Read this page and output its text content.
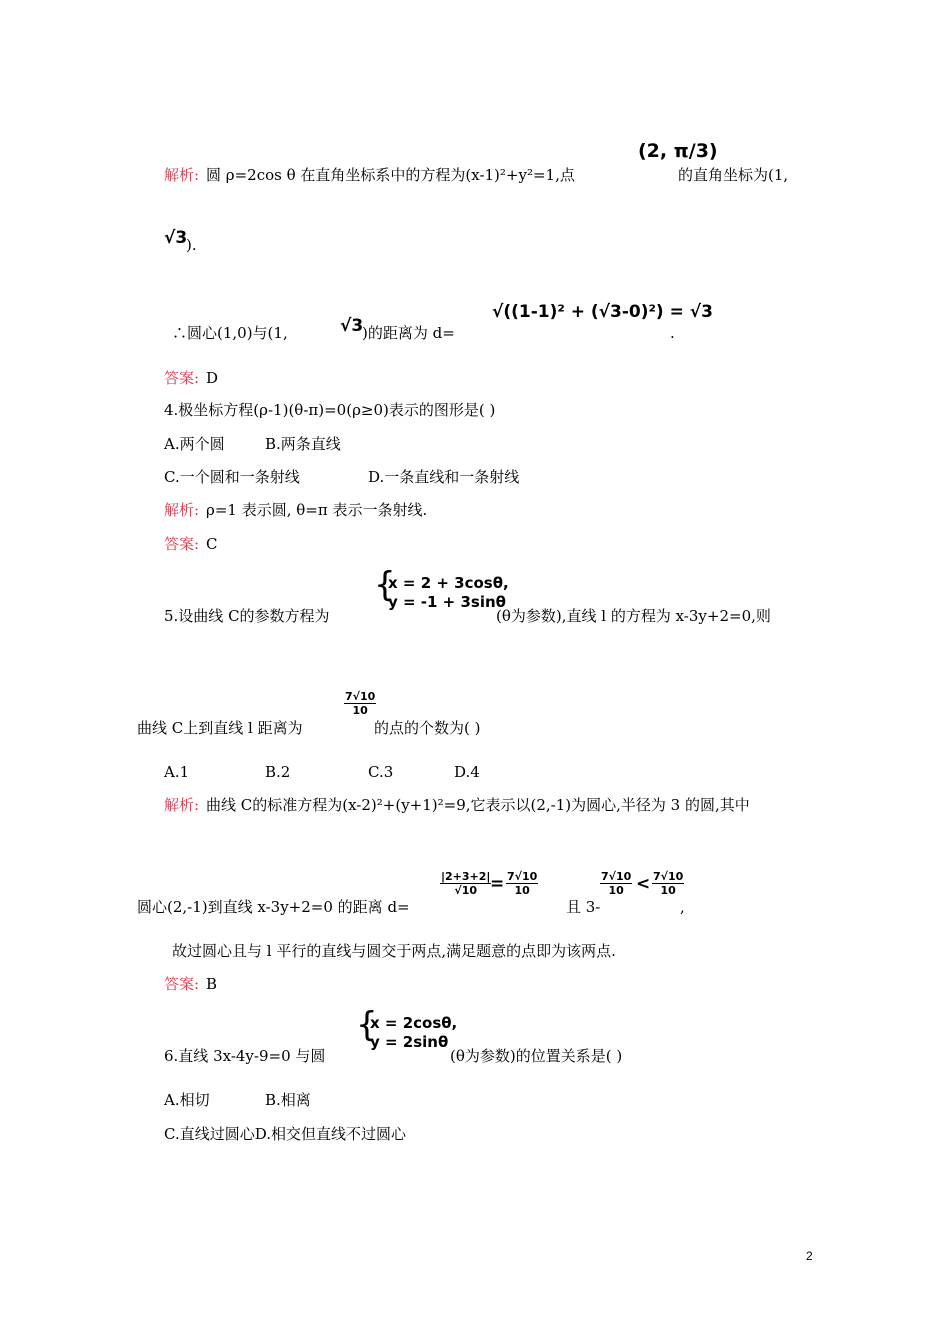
解析: 圆 ρ=2cos θ 在直角坐标系中的方程为(x-1)²+y²=1,点
(2, π/3)
的直角坐标为(1,
√3
).
∴圆心(1,0)与(1,	√3
)的距离为 d=
√((1-1)² + (√3-0)²) = √3
.
答案: D
4.极坐标方程(ρ-1)(θ-π)=0(ρ≥0)表示的图形是( )
A.两个圆	B.两条直线
C.一个圆和一条射线	D.一条直线和一条射线
解析: ρ=1 表示圆, θ=π 表示一条射线.
答案: C
5.设曲线 C的参数方程为
{
x = 2 + 3cosθ,
y = -1 + 3sinθ
(θ为参数),直线 l 的方程为 x-3y+2=0,则
曲线 C上到直线 l 距离为
$\frac{7√10}{10}$
的点的个数为( )
A.1	B.2	C.3	D.4
解析: 曲线 C的标准方程为(x-2)²+(y+1)²=9,它表示以(2,-1)为圆心,半径为 3 的圆,其中
圆心(2,-1)到直线 x-3y+2=0 的距离 d=
$\frac{|2+3+2|}{√10}$
= $\frac{7√10}{10}$
且 3-
$\frac{7√10}{10} < \frac{7√10}{10}$
,
故过圆心且与 l 平行的直线与圆交于两点,满足题意的点即为该两点.
答案: B
6.直线 3x-4y-9=0 与圆
{
x = 2cosθ,
y = 2sinθ
(θ为参数)的位置关系是( )
A.相切	B.相离
C.直线过圆心D.相交但直线不过圆心
2
